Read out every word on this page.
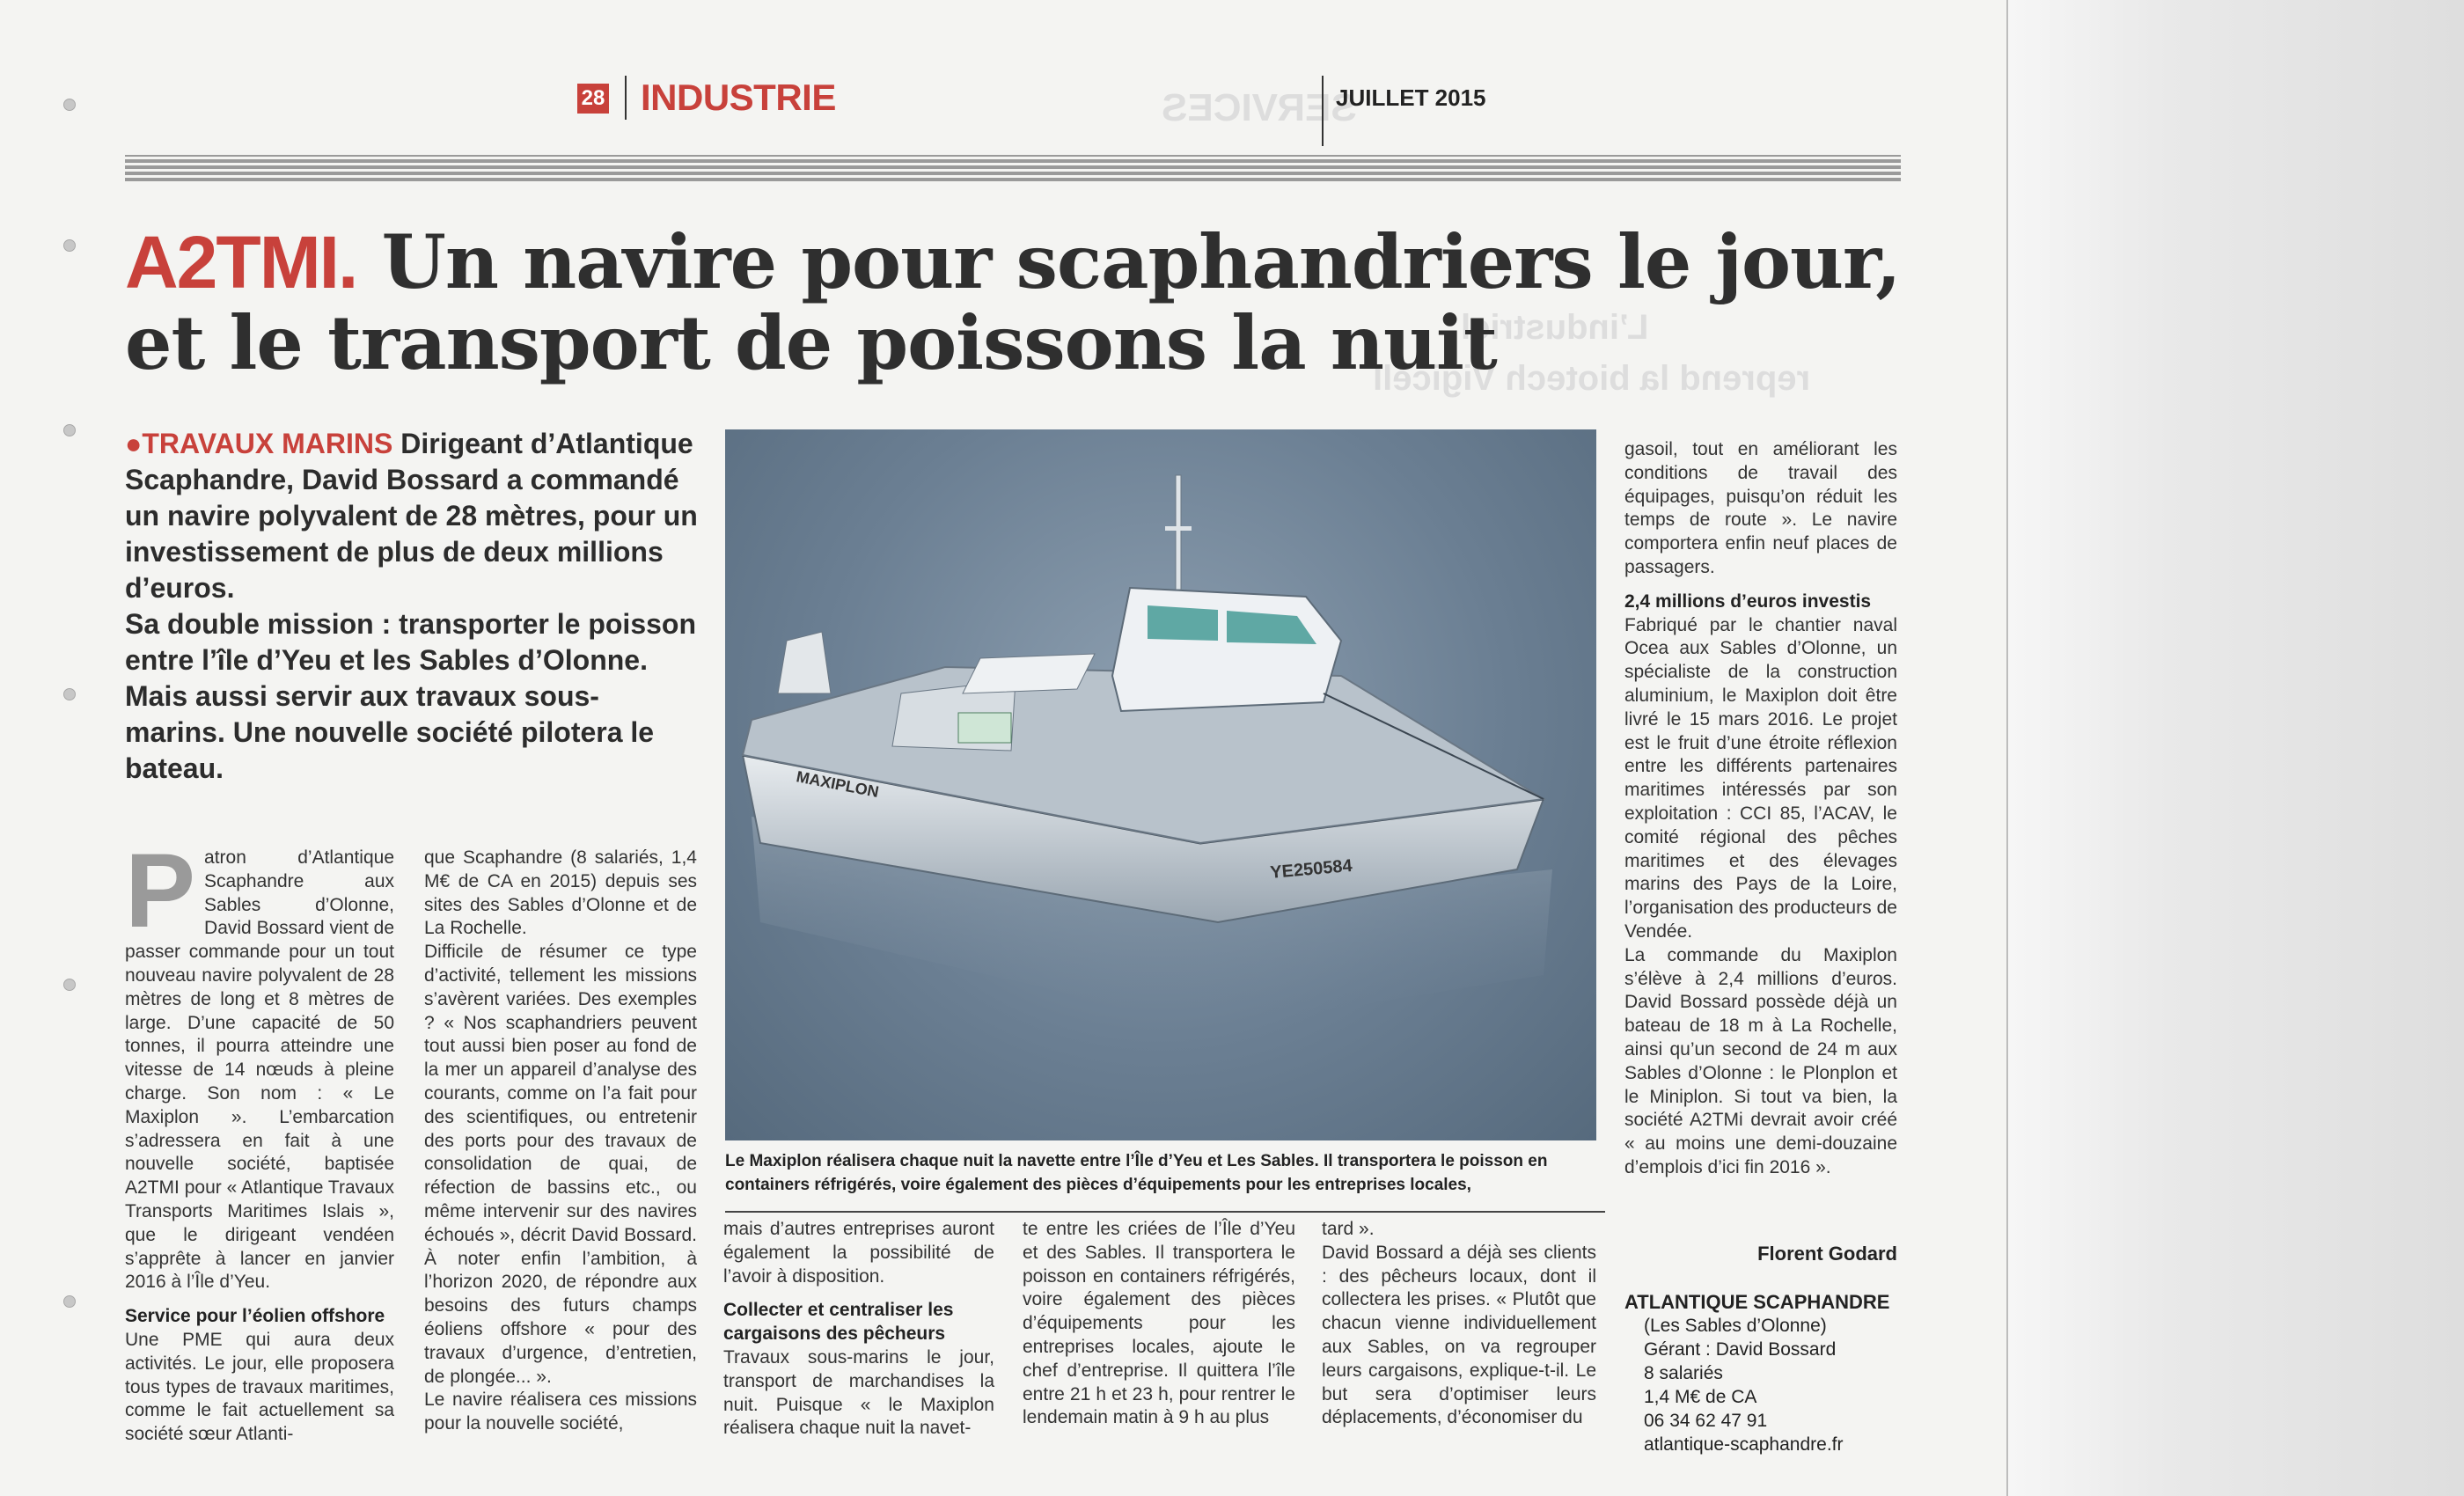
SERVICES
L’industriel
reprend la biotech Vigicell
28 INDUSTRIE	JUILLET 2015
A2TMI. Un navire pour scaphandriers le jour,
et le transport de poissons la nuit
●TRAVAUX MARINS Dirigeant d’Atlantique Scaphandre, David Bossard a commandé un navire polyvalent de 28 mètres, pour un investissement de plus de deux millions d’euros.
Sa double mission : transporter le poisson entre l’île d’Yeu et les Sables d’Olonne. Mais aussi servir aux travaux sous-marins. Une nouvelle société pilotera le bateau.	MAXIPLON
YE250584
Le Maxiplon réalisera chaque nuit la navette entre l’Île d’Yeu et Les Sables. Il transportera le poisson en containers réfrigérés, voire également des pièces d’équipements pour les entreprises locales,
P atron d’Atlantique Scaphandre aux Sables d’Olonne, David Bossard vient de passer commande pour un tout nouveau navire polyvalent de 28 mètres de long et 8 mètres de large. D’une capacité de 50 tonnes, il pourra atteindre une vitesse de 14 nœuds à pleine charge. Son nom : « Le Maxiplon ». L’embarcation s’adressera en fait à une nouvelle société, baptisée A2TMI pour « Atlantique Travaux Transports Maritimes Islais », que le dirigeant vendéen s’apprête à lancer en janvier 2016 à l’Île d’Yeu.

Service pour l’éolien offshore

Une PME qui aura deux activités. Le jour, elle proposera tous types de travaux maritimes, comme le fait actuellement sa société sœur Atlanti-

que Scaphandre (8 salariés, 1,4 M€ de CA en 2015) depuis ses sites des Sables d’Olonne et de La Rochelle.

Difficile de résumer ce type d’activité, tellement les missions s’avèrent variées. Des exemples ? « Nos scaphandriers peuvent tout aussi bien poser au fond de la mer un appareil d’analyse des courants, comme on l’a fait pour des scientifiques, ou entretenir des ports pour des travaux de consolidation de quai, de réfection de bassins etc., ou même intervenir sur des navires échoués », décrit David Bossard. À noter enfin l’ambition, à l’horizon 2020, de répondre aux besoins des futurs champs éoliens offshore « pour des travaux d’urgence, d’entretien, de plongée... ».

Le navire réalisera ces missions pour la nouvelle société,

mais d’autres entreprises auront également la possibilité de l’avoir à disposition.

Collecter et centraliser les cargaisons des pêcheurs

Travaux sous-marins le jour, transport de marchandises la nuit. Puisque « le Maxiplon réalisera chaque nuit la navet-

te entre les criées de l’Île d’Yeu et des Sables. Il transportera le poisson en containers réfrigérés, voire également des pièces d’équipements pour les entreprises locales, ajoute le chef d’entreprise. Il quittera l’île entre 21 h et 23 h, pour rentrer le lendemain matin à 9 h au plus

tard ».

David Bossard a déjà ses clients : des pêcheurs locaux, dont il collectera les prises. « Plutôt que chacun vienne individuellement aux Sables, on va regrouper leurs cargaisons, explique-t-il. Le but sera d’optimiser leurs déplacements, d’économiser du

gasoil, tout en améliorant les conditions de travail des équipages, puisqu’on réduit les temps de route ». Le navire comportera enfin neuf places de passagers.

2,4 millions d’euros investis

Fabriqué par le chantier naval Ocea aux Sables d’Olonne, un spécialiste de la construction aluminium, le Maxiplon doit être livré le 15 mars 2016. Le projet est le fruit d’une étroite réflexion entre les différents partenaires maritimes intéressés par son exploitation : CCI 85, l’ACAV, le comité régional des pêches maritimes et des élevages marins des Pays de la Loire, l’organisation des producteurs de Vendée.

La commande du Maxiplon s’élève à 2,4 millions d’euros. David Bossard possède déjà un bateau de 18 m à La Rochelle, ainsi qu’un second de 24 m aux Sables d’Olonne : le Plonplon et le Miniplon. Si tout va bien, la société A2TMi devrait avoir créé « au moins une demi-douzaine d’emplois d’ici fin 2016 ».

Florent Godard
ATLANTIQUE SCAPHANDRE
(Les Sables d’Olonne)
Gérant : David Bossard
8 salariés
1,4 M€ de CA
06 34 62 47 91
atlantique-scaphandre.fr
